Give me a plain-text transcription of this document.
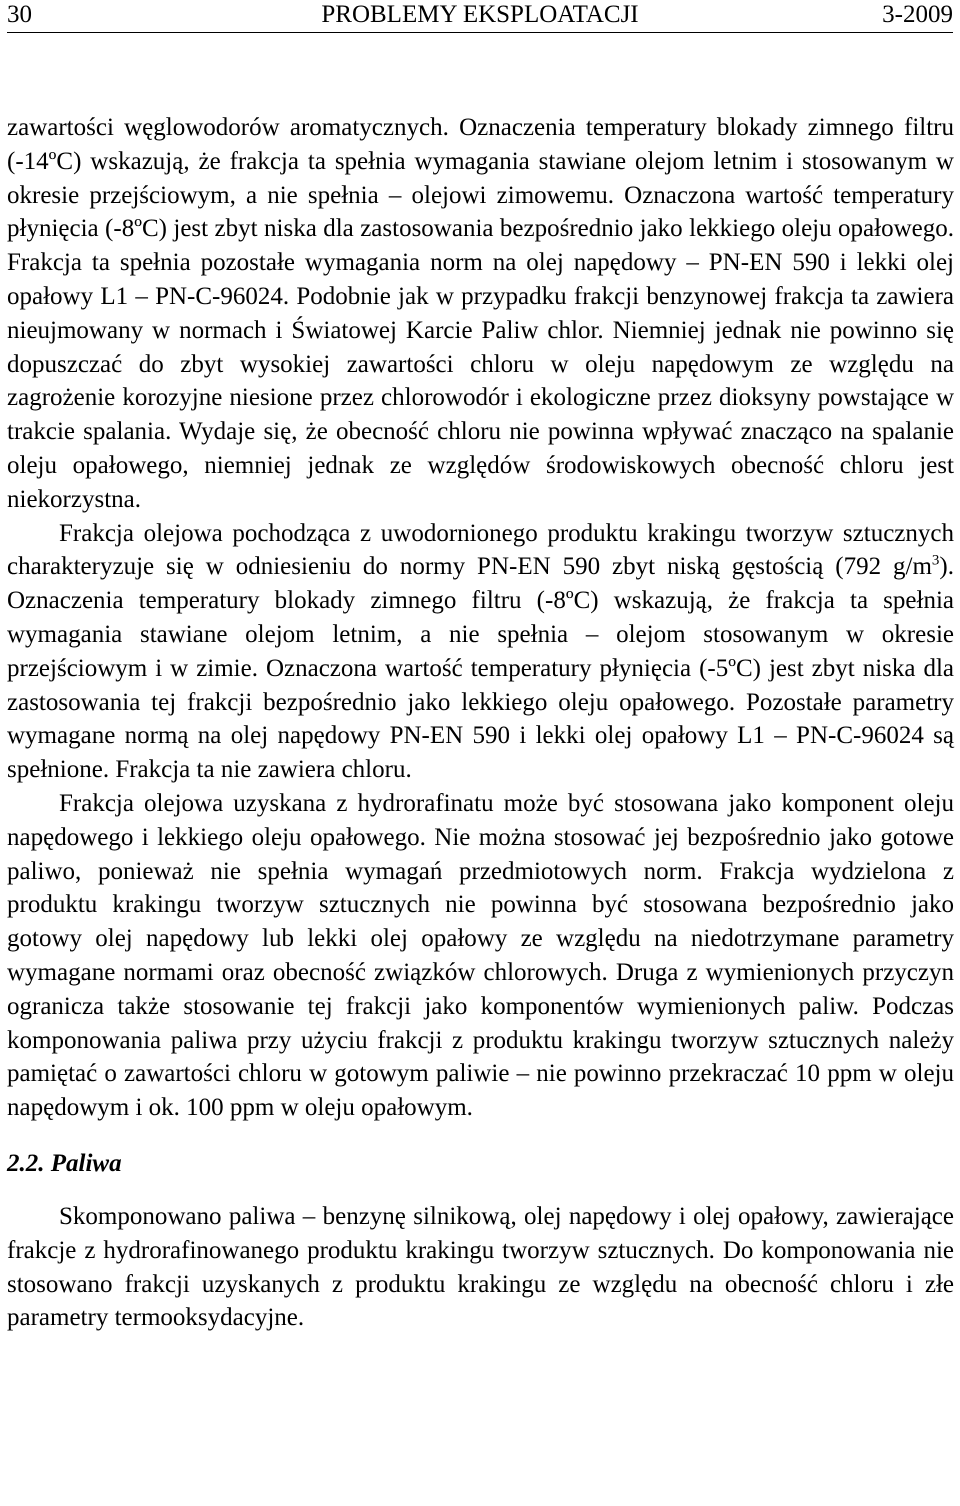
PROBLEMY EKSPLOATACJI
30	3-2009

zawartości węglowodorów aromatycznych. Oznaczenia temperatury blokady zimnego filtru (-14ºC) wskazują, że frakcja ta spełnia wymagania stawiane olejom letnim i stosowanym w okresie przejściowym, a nie spełnia – olejowi zimowemu. Oznaczona wartość temperatury płynięcia (-8ºC) jest zbyt niska dla zastosowania bezpośrednio jako lekkiego oleju opałowego. Frakcja ta spełnia pozostałe wymagania norm na olej napędowy – PN-EN 590 i lekki olej opałowy L1 – PN-C-96024. Podobnie jak w przypadku frakcji benzynowej frakcja ta zawiera nieujmowany w normach i Światowej Karcie Paliw chlor. Niemniej jednak nie powinno się dopuszczać do zbyt wysokiej zawartości chloru w oleju napędowym ze względu na zagrożenie korozyjne niesione przez chlorowodór i ekologiczne przez dioksyny powstające w trakcie spalania. Wydaje się, że obecność chloru nie powinna wpływać znacząco na spalanie oleju opałowego, niemniej jednak ze względów środowiskowych obecność chloru jest niekorzystna.

Frakcja olejowa pochodząca z uwodornionego produktu krakingu tworzyw sztucznych charakteryzuje się w odniesieniu do normy PN-EN 590 zbyt niską gęstością (792 $g/m^3$). Oznaczenia temperatury blokady zimnego filtru (-8ºC) wskazują, że frakcja ta spełnia wymagania stawiane olejom letnim, a nie spełnia – olejom stosowanym w okresie przejściowym i w zimie. Oznaczona wartość temperatury płynięcia (-5ºC) jest zbyt niska dla zastosowania tej frakcji bezpośrednio jako lekkiego oleju opałowego. Pozostałe parametry wymagane normą na olej napędowy PN-EN 590 i lekki olej opałowy L1 – PN-C-96024 są spełnione. Frakcja ta nie zawiera chloru.

Frakcja olejowa uzyskana z hydrorafinatu może być stosowana jako komponent oleju napędowego i lekkiego oleju opałowego. Nie można stosować jej bezpośrednio jako gotowe paliwo, ponieważ nie spełnia wymagań przedmiotowych norm. Frakcja wydzielona z produktu krakingu tworzyw sztucznych nie powinna być stosowana bezpośrednio jako gotowy olej napędowy lub lekki olej opałowy ze względu na niedotrzymane parametry wymagane normami oraz obecność związków chlorowych. Druga z wymienionych przyczyn ogranicza także stosowanie tej frakcji jako komponentów wymienionych paliw. Podczas komponowania paliwa przy użyciu frakcji z produktu krakingu tworzyw sztucznych należy pamiętać o zawartości chloru w gotowym paliwie – nie powinno przekraczać 10 ppm w oleju napędowym i ok. 100 ppm w oleju opałowym.

2.2. Paliwa

Skomponowano paliwa – benzynę silnikową, olej napędowy i olej opałowy, zawierające frakcje z hydrorafinowanego produktu krakingu tworzyw sztucznych. Do komponowania nie stosowano frakcji uzyskanych z produktu krakingu ze względu na obecność chloru i złe parametry termooksydacyjne.
